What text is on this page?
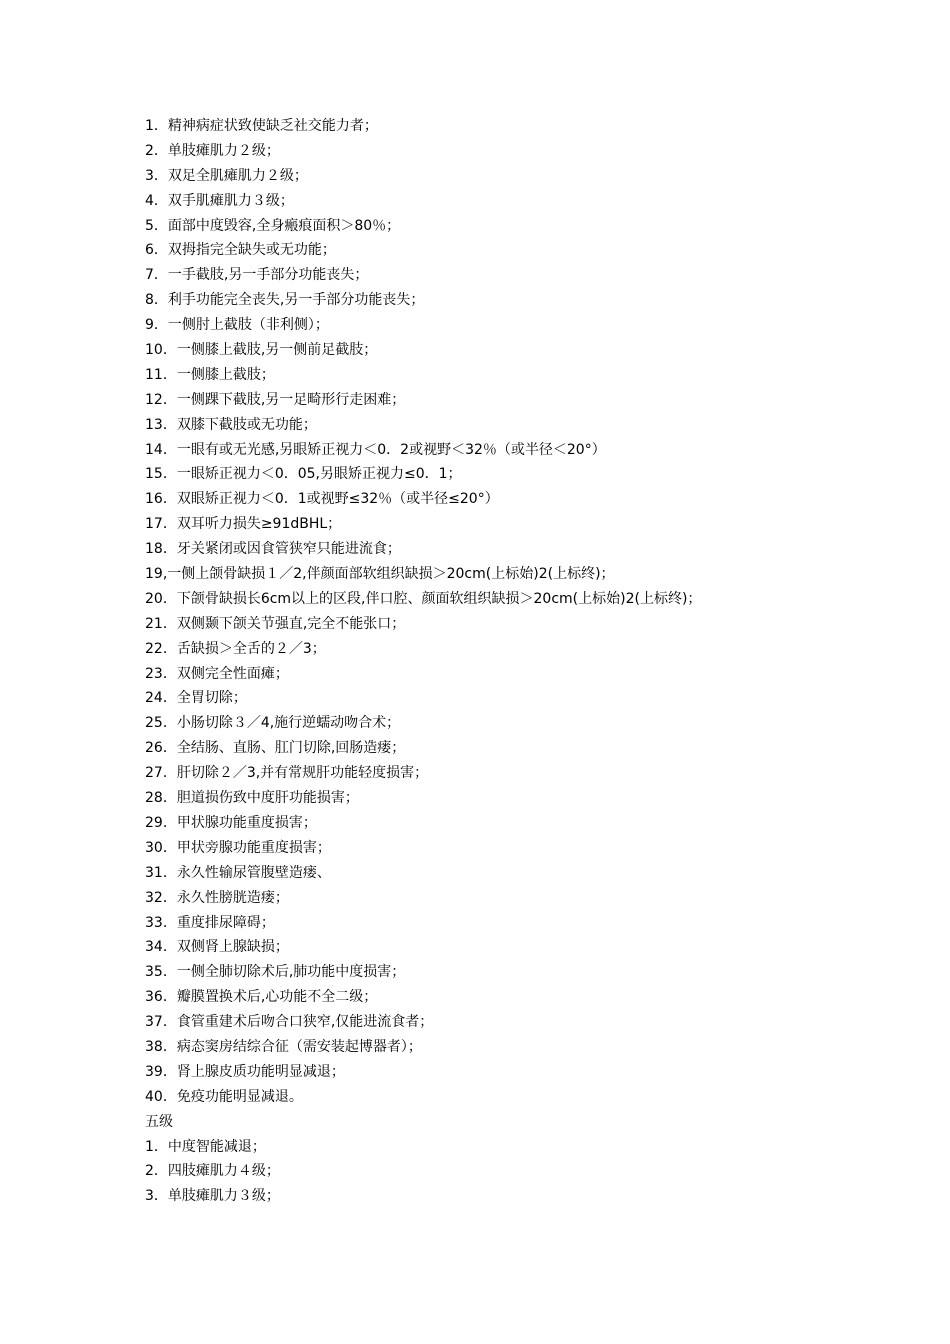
1．精神病症状致使缺乏社交能力者；
2．单肢瘫肌力２级；
3．双足全肌瘫肌力２级；
4．双手肌瘫肌力３级；
5．面部中度毁容,全身瘢痕面积＞80％；
6．双拇指完全缺失或无功能；
7．一手截肢,另一手部分功能丧失；
8．利手功能完全丧失,另一手部分功能丧失；
9．一侧肘上截肢（非利侧）；
10．一侧膝上截肢,另一侧前足截肢；
11．一侧膝上截肢；
12．一侧踝下截肢,另一足畸形行走困难；
13．双膝下截肢或无功能；
14．一眼有或无光感,另眼矫正视力＜0．2或视野＜32％（或半径＜20°）
15．一眼矫正视力＜0．05,另眼矫正视力≤0．1；
16．双眼矫正视力＜0．1或视野≤32％（或半径≤20°）
17．双耳听力损失≥91dBHL；
18．牙关紧闭或因食管狭窄只能进流食；
19,一侧上颌骨缺损１／2,伴颜面部软组织缺损＞20cm(上标始)2(上标终)；
20．下颌骨缺损长6cm以上的区段,伴口腔、颜面软组织缺损＞20cm(上标始)2(上标终)；
21．双侧颞下颌关节强直,完全不能张口；
22．舌缺损＞全舌的２／3；
23．双侧完全性面瘫；
24．全胃切除；
25．小肠切除３／4,施行逆蠕动吻合术；
26．全结肠、直肠、肛门切除,回肠造瘘；
27．肝切除２／3,并有常规肝功能轻度损害；
28．胆道损伤致中度肝功能损害；
29．甲状腺功能重度损害；
30．甲状旁腺功能重度损害；
31．永久性输尿管腹壁造瘘、
32．永久性膀胱造瘘；
33．重度排尿障碍；
34．双侧肾上腺缺损；
35．一侧全肺切除术后,肺功能中度损害；
36．瓣膜置换术后,心功能不全二级；
37．食管重建术后吻合口狭窄,仅能进流食者；
38．病态窦房结综合征（需安装起博器者）；
39．肾上腺皮质功能明显减退；
40．免疫功能明显减退。
五级
1．中度智能减退；
2．四肢瘫肌力４级；
3．单肢瘫肌力３级；
